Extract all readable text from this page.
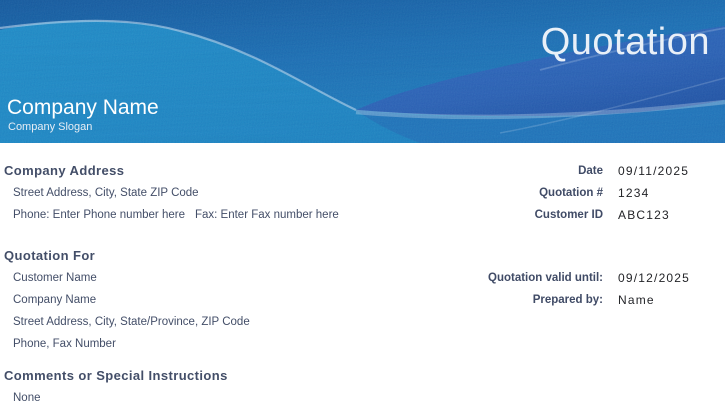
Quotation
Company Name
Company Slogan
Company Address	Date 09/11/2025
Street Address, City, State ZIP Code	Quotation # 1234
Phone: Enter Phone number here Fax: Enter Fax number here	Customer ID ABC123
Quotation For
Customer Name	Quotation valid until: 09/12/2025
Company Name	Prepared by: Name
Street Address, City, State/Province, ZIP Code
Phone, Fax Number
Comments or Special Instructions
None
